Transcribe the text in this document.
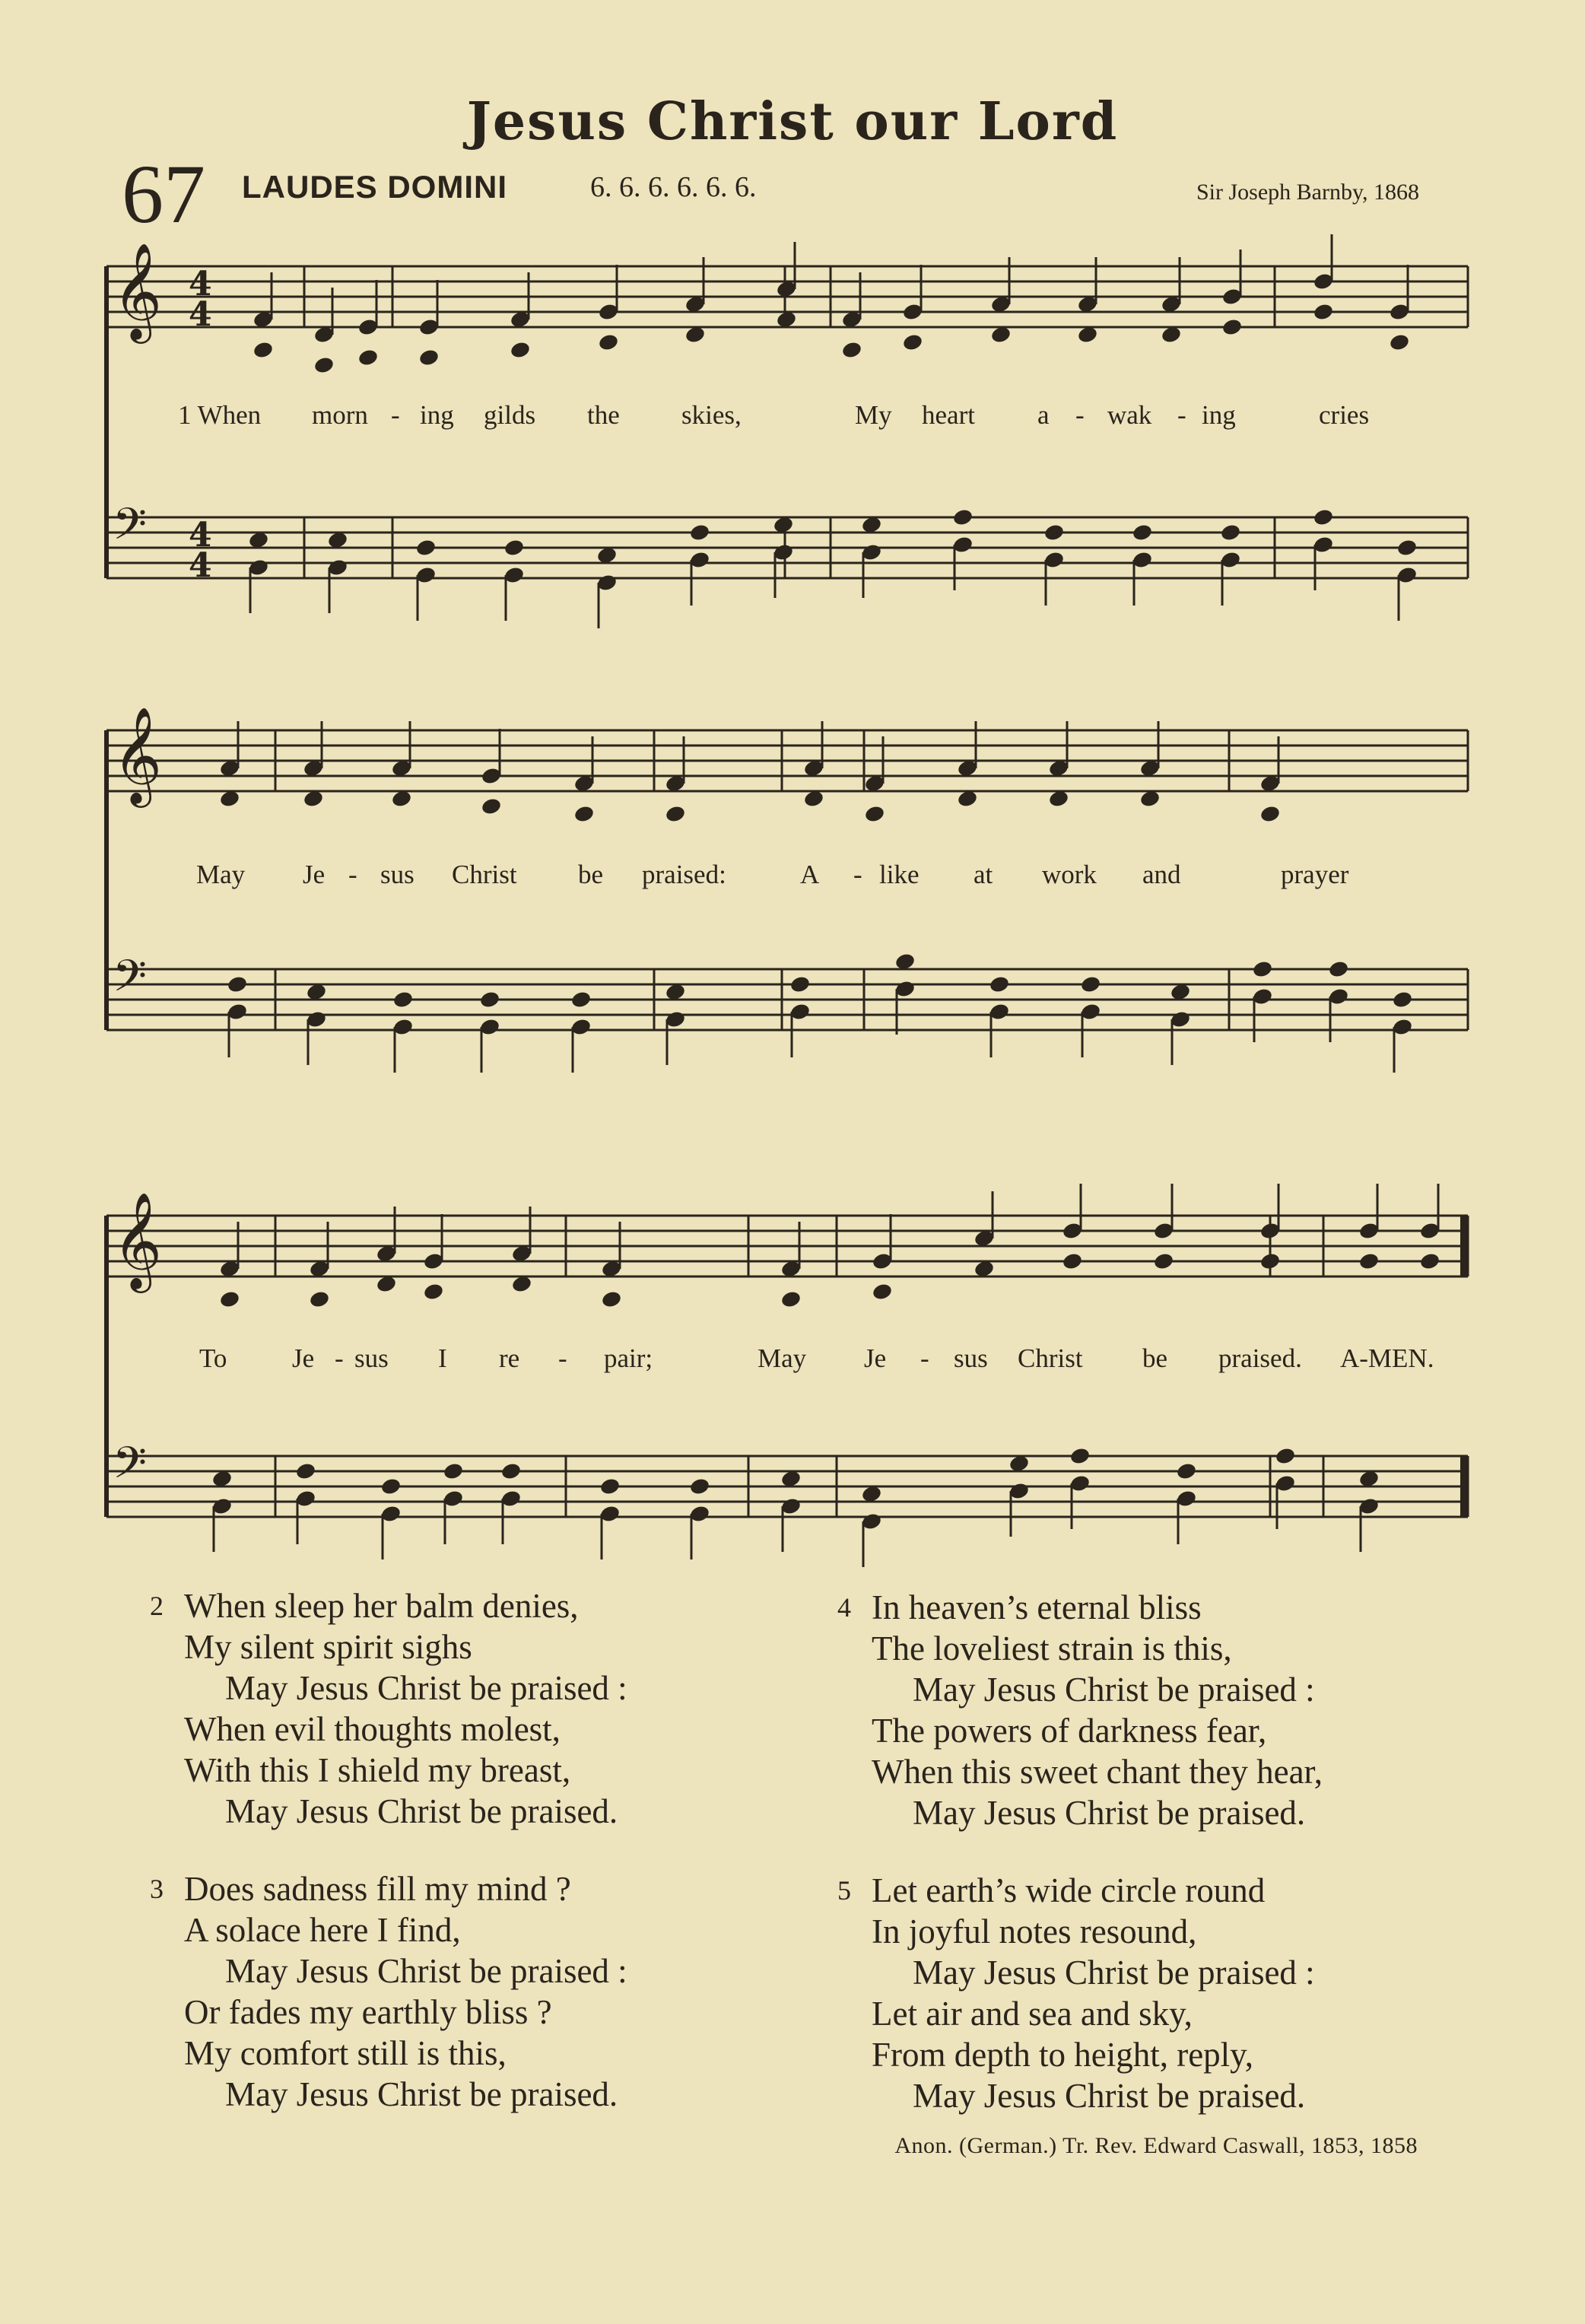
Jesus Christ our Lord
67 LAUDES DOMINI	6. 6. 6. 6. 6. 6.	Sir Joseph Barnby, 1868
𝄞
𝄢
𝄞
𝄢
𝄞
𝄢
4
4
4
4
1 When morn - ing gilds the skies,	My heart a - wak - ing	cries
May Je - sus Christ be praised:	A - like at work and	prayer
To Je - sus I re - pair;	May Je - sus Christ be praised. A-MEN.
2 When sleep her balm denies,
My silent spirit sighs
May Jesus Christ be praised :
When evil thoughts molest,
With this I shield my breast,
May Jesus Christ be praised.
3 Does sadness fill my mind ?
A solace here I find,
May Jesus Christ be praised :
Or fades my earthly bliss ?
My comfort still is this,
May Jesus Christ be praised.
4 In heaven’s eternal bliss
The loveliest strain is this,
May Jesus Christ be praised :
The powers of darkness fear,
When this sweet chant they hear,
May Jesus Christ be praised.
5 Let earth’s wide circle round
In joyful notes resound,
May Jesus Christ be praised :
Let air and sea and sky,
From depth to height, reply,
May Jesus Christ be praised.
Anon. (German.) Tr. Rev. Edward Caswall, 1853, 1858
